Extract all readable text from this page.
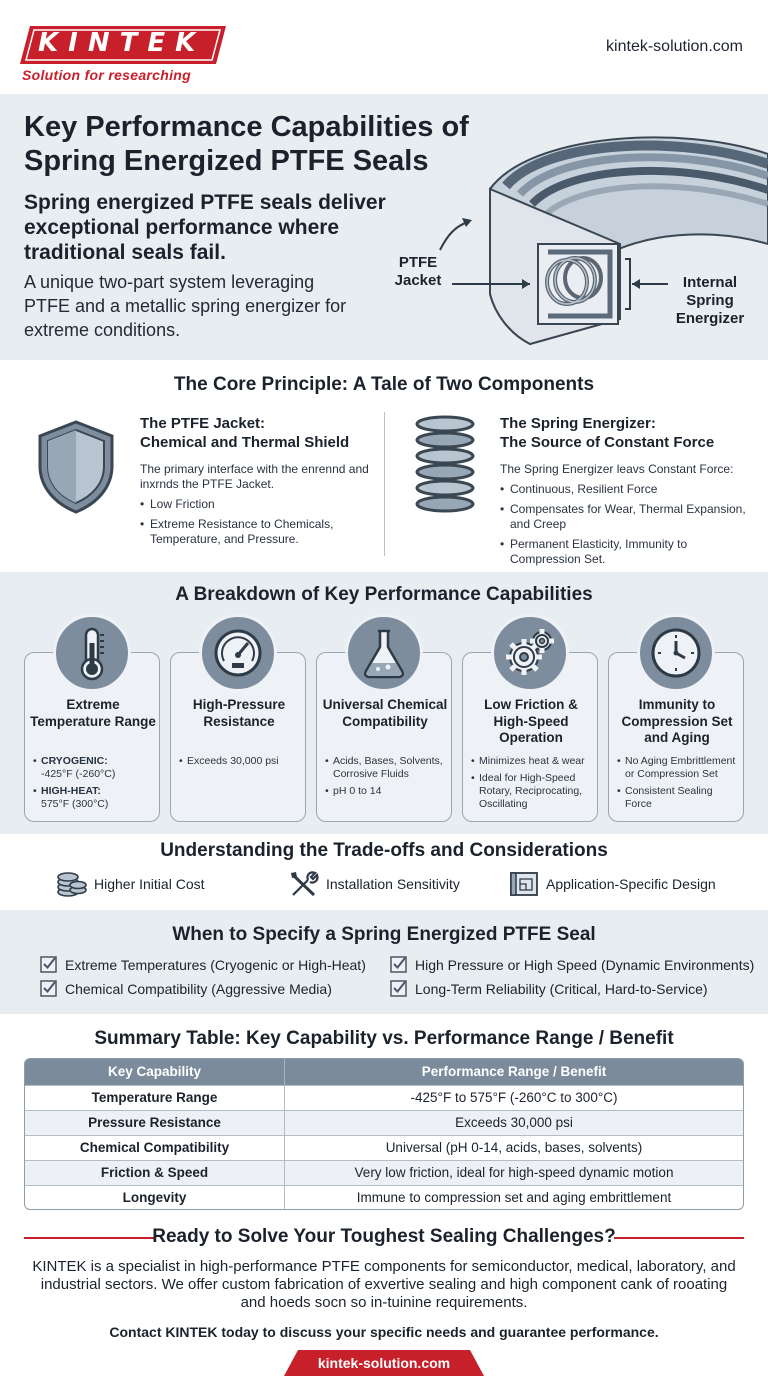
KINTEK
Solution for researching
kintek-solution.com
Key Performance Capabilities of Spring Energized PTFE Seals
Spring energized PTFE seals deliver exceptional performance where traditional seals fail.
A unique two-part system leveraging PTFE and a metallic spring energizer for extreme conditions.
PTFE Jacket	Internal Spring Energizer
The Core Principle: A Tale of Two Components
The PTFE Jacket:
Chemical and Thermal Shield
The primary interface with the enrennd and inxrnds the PTFE Jacket.
• Low Friction
• Extreme Resistance to Chemicals, Temperature, and Pressure.
The Spring Energizer:
The Source of Constant Force
The Spring Energizer leavs Constant Force:
• Continuous, Resilient Force
• Compensates for Wear, Thermal Expansion, and Creep
• Permanent Elasticity, Immunity to Compression Set.
A Breakdown of Key Performance Capabilities
Extreme Temperature Range
• CRYOGENIC:
-425°F (-260°C)
• HIGH-HEAT:
575°F (300°C)
High-Pressure Resistance
• Exceeds 30,000 psi
Universal Chemical Compatibility
• Acids, Bases, Solvents, Corrosive Fluids
• pH 0 to 14
Low Friction & High-Speed Operation
• Minimizes heat & wear
• Ideal for High-Speed Rotary, Reciprocating, Oscillating
Immunity to Compression Set and Aging
• No Aging Embrittlement or Compression Set
• Consistent Sealing Force
Understanding the Trade-offs and Considerations
Higher Initial Cost	Installation Sensitivity	Application-Specific Design
When to Specify a Spring Energized PTFE Seal
Extreme Temperatures (Cryogenic or High-Heat)	High Pressure or High Speed (Dynamic Environments)
Chemical Compatibility (Aggressive Media)	Long-Term Reliability (Critical, Hard-to-Service)
Summary Table: Key Capability vs. Performance Range / Benefit
Key Capability	Performance Range / Benefit
Temperature Range	-425°F to 575°F (-260°C to 300°C)
Pressure Resistance	Exceeds 30,000 psi
Chemical Compatibility	Universal (pH 0-14, acids, bases, solvents)
Friction & Speed	Very low friction, ideal for high-speed dynamic motion
Longevity	Immune to compression set and aging embrittlement
Ready to Solve Your Toughest Sealing Challenges?
KINTEK is a specialist in high-performance PTFE components for semiconductor, medical, laboratory, and industrial sectors. We offer custom fabrication of exvertive sealing and high component cank of rooating and hoeds socn so in-tuinine requirements.
Contact KINTEK today to discuss your specific needs and guarantee performance.
kintek-solution.com
